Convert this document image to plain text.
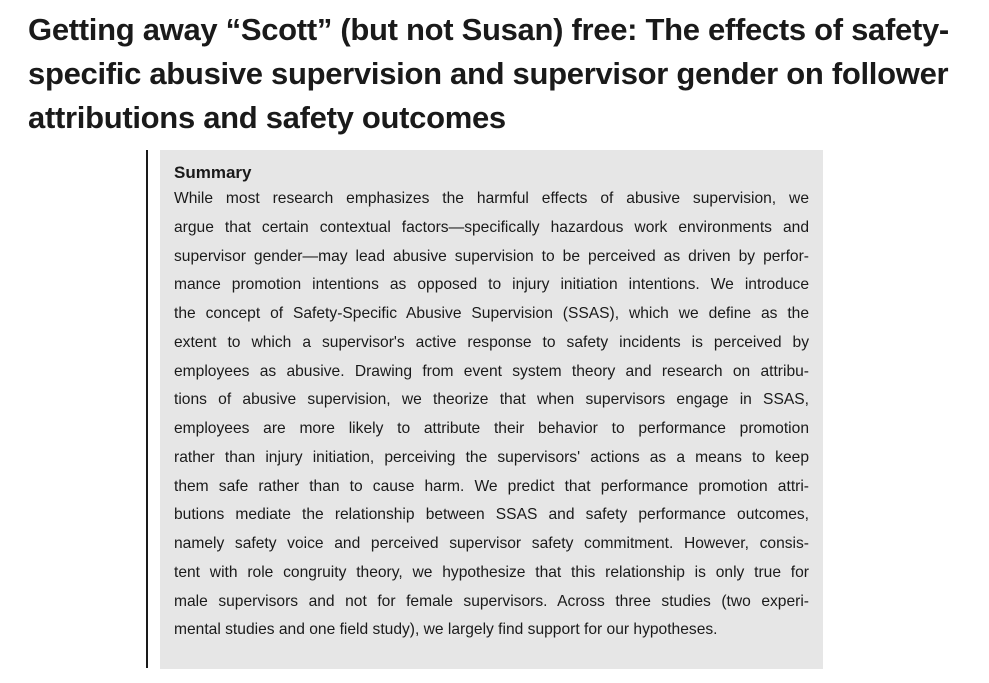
Getting away “Scott” (but not Susan) free: The effects of safety-specific abusive supervision and supervisor gender on follower attributions and safety outcomes
Summary
While most research emphasizes the harmful effects of abusive supervision, we
argue that certain contextual factors—specifically hazardous work environments and
supervisor gender—may lead abusive supervision to be perceived as driven by perfor-
mance promotion intentions as opposed to injury initiation intentions. We introduce
the concept of Safety-Specific Abusive Supervision (SSAS), which we define as the
extent to which a supervisor's active response to safety incidents is perceived by
employees as abusive. Drawing from event system theory and research on attribu-
tions of abusive supervision, we theorize that when supervisors engage in SSAS,
employees are more likely to attribute their behavior to performance promotion
rather than injury initiation, perceiving the supervisors' actions as a means to keep
them safe rather than to cause harm. We predict that performance promotion attri-
butions mediate the relationship between SSAS and safety performance outcomes,
namely safety voice and perceived supervisor safety commitment. However, consis-
tent with role congruity theory, we hypothesize that this relationship is only true for
male supervisors and not for female supervisors. Across three studies (two experi-
mental studies and one field study), we largely find support for our hypotheses.
